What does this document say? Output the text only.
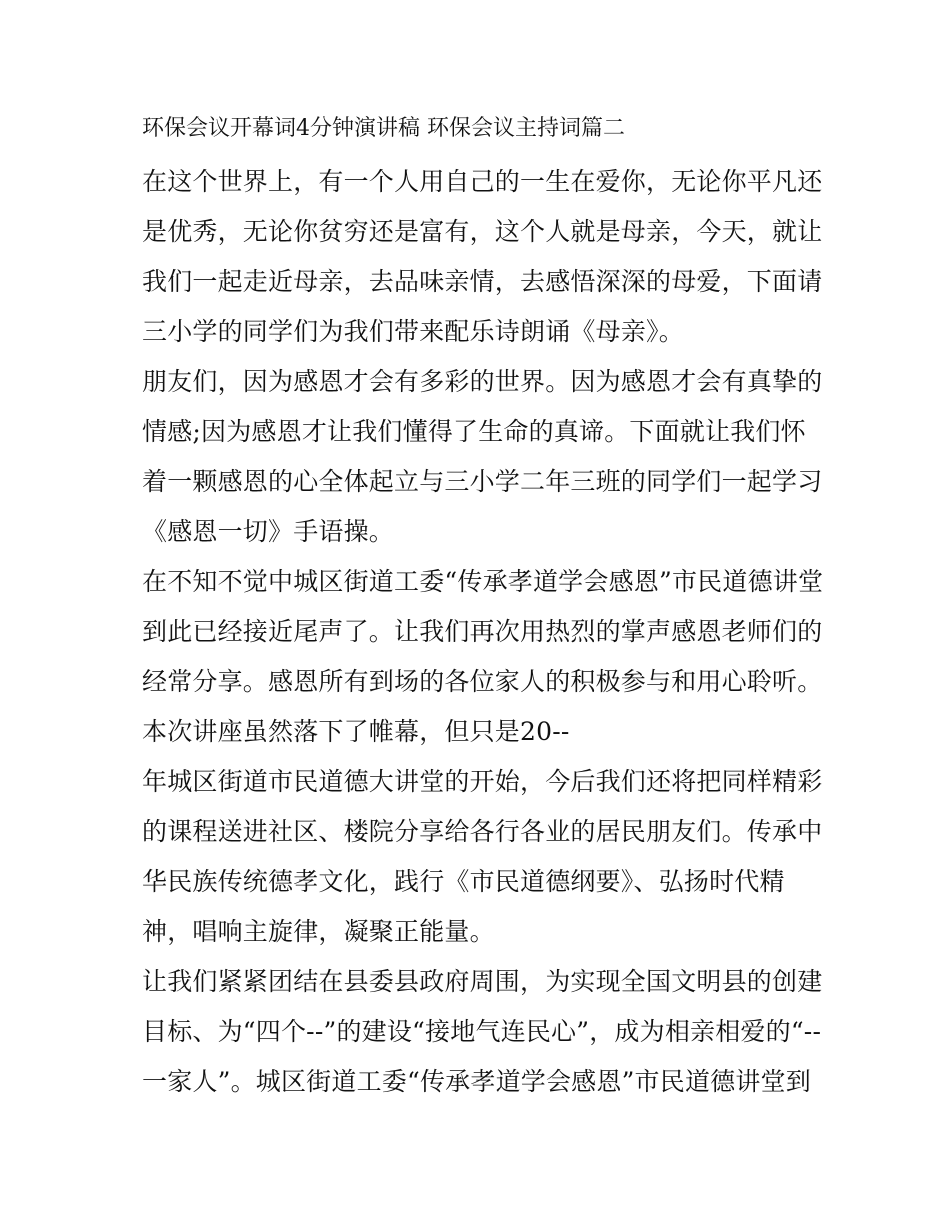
环保会议开幕词4分钟演讲稿 环保会议主持词篇二
在这个世界上，有一个人用自己的一生在爱你，无论你平凡还
是优秀，无论你贫穷还是富有，这个人就是母亲，今天，就让
我们一起走近母亲，去品味亲情，去感悟深深的母爱，下面请
三小学的同学们为我们带来配乐诗朗诵《母亲》。
朋友们，因为感恩才会有多彩的世界。因为感恩才会有真挚的
情感;因为感恩才让我们懂得了生命的真谛。下面就让我们怀
着一颗感恩的心全体起立与三小学二年三班的同学们一起学习
《感恩一切》手语操。
在不知不觉中城区街道工委“传承孝道学会感恩”市民道德讲堂
到此已经接近尾声了。让我们再次用热烈的掌声感恩老师们的
经常分享。感恩所有到场的各位家人的积极参与和用心聆听。
本次讲座虽然落下了帷幕，但只是20--
年城区街道市民道德大讲堂的开始，今后我们还将把同样精彩
的课程送进社区、楼院分享给各行各业的居民朋友们。传承中
华民族传统德孝文化，践行《市民道德纲要》、弘扬时代精
神，唱响主旋律，凝聚正能量。
让我们紧紧团结在县委县政府周围，为实现全国文明县的创建
目标、为“四个--”的建设“接地气连民心”，成为相亲相爱的“--
一家人”。城区街道工委“传承孝道学会感恩”市民道德讲堂到
